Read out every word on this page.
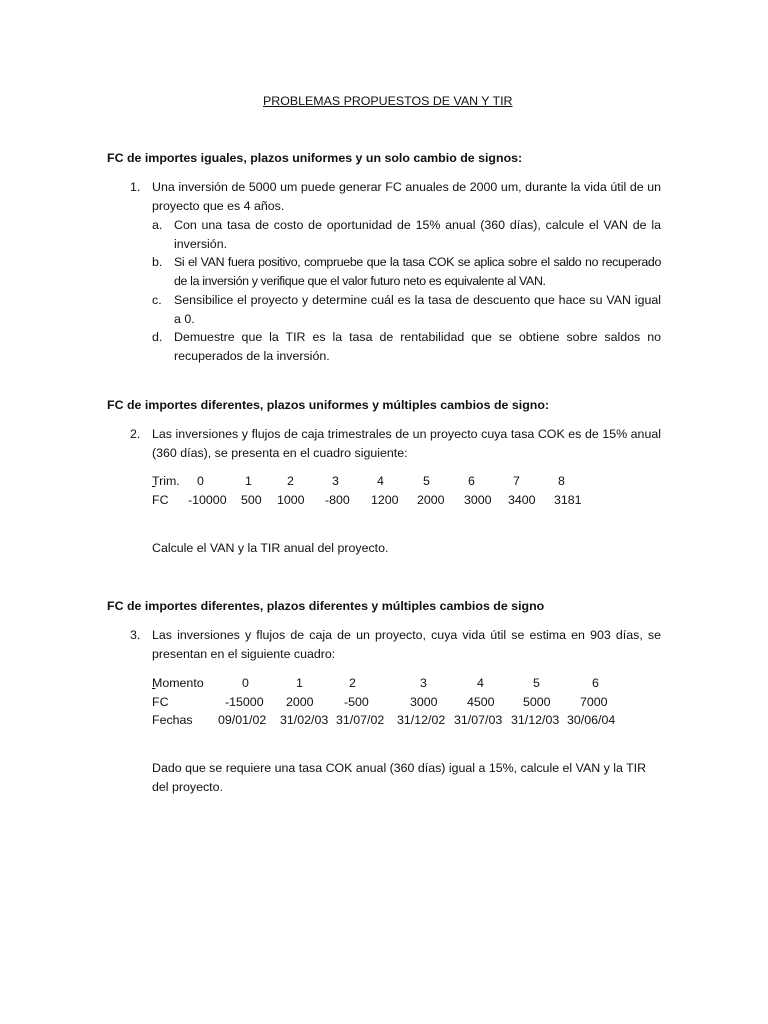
PROBLEMAS PROPUESTOS DE VAN Y TIR
FC de importes iguales, plazos uniformes y un solo cambio de signos:
1. Una inversión de 5000 um puede generar FC anuales de 2000 um, durante la vida útil de un proyecto que es 4 años.
a. Con una tasa de costo de oportunidad de 15% anual (360 días), calcule el VAN de la inversión.
b. Si el VAN fuera positivo, compruebe que la tasa COK se aplica sobre el saldo no recuperado de la inversión y verifique que el valor futuro neto es equivalente al VAN.
c. Sensibilice el proyecto y determine cuál es la tasa de descuento que hace su VAN igual a 0.
d. Demuestre que la TIR es la tasa de rentabilidad que se obtiene sobre saldos no recuperados de la inversión.
FC de importes diferentes, plazos uniformes y múltiples cambios de signo:
2. Las inversiones y flujos de caja trimestrales de un proyecto cuya tasa COK es de 15% anual (360 días), se presenta en el cuadro siguiente:

Trim. 0	1	2	3	4	5	6	7	8
FC -10000 500 1000 -800 1200 2000 3000 3400 3181
Calcule el VAN y la TIR anual del proyecto.
FC de importes diferentes, plazos diferentes y múltiples cambios de signo
3. Las inversiones y flujos de caja de un proyecto, cuya vida útil se estima en 903 días, se presentan en el siguiente cuadro:

Momento	0	1	2	3	4	5	6
FC	-15000 2000 -500	3000 4500 5000 7000
Fechas 09/01/02 31/02/03 31/07/02 31/12/02 31/07/03 31/12/03 30/06/04
Dado que se requiere una tasa COK anual (360 días) igual a 15%, calcule el VAN y la TIR del proyecto.
